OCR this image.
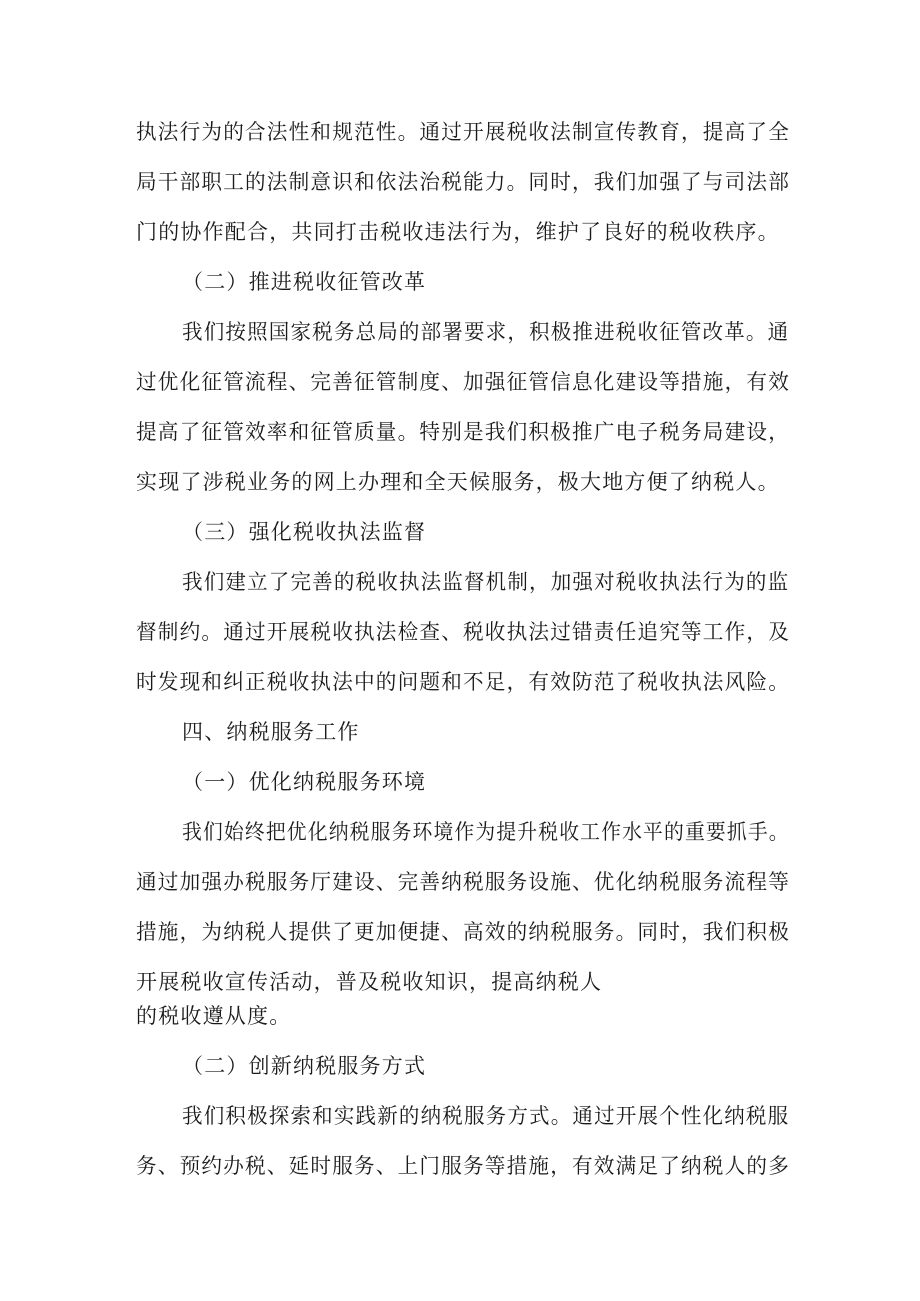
执法行为的合法性和规范性。通过开展税收法制宣传教育，提高了全
局干部职工的法制意识和依法治税能力。同时，我们加强了与司法部
门的协作配合，共同打击税收违法行为，维护了良好的税收秩序。
（二）推进税收征管改革
我们按照国家税务总局的部署要求，积极推进税收征管改革。通
过优化征管流程、完善征管制度、加强征管信息化建设等措施，有效
提高了征管效率和征管质量。特别是我们积极推广电子税务局建设，
实现了涉税业务的网上办理和全天候服务，极大地方便了纳税人。
（三）强化税收执法监督
我们建立了完善的税收执法监督机制，加强对税收执法行为的监
督制约。通过开展税收执法检查、税收执法过错责任追究等工作，及
时发现和纠正税收执法中的问题和不足，有效防范了税收执法风险。
四、纳税服务工作
（一）优化纳税服务环境
我们始终把优化纳税服务环境作为提升税收工作水平的重要抓手。
通过加强办税服务厅建设、完善纳税服务设施、优化纳税服务流程等
措施，为纳税人提供了更加便捷、高效的纳税服务。同时，我们积极
开展税收宣传活动，普及税收知识，提高纳税人
的税收遵从度。
（二）创新纳税服务方式
我们积极探索和实践新的纳税服务方式。通过开展个性化纳税服
务、预约办税、延时服务、上门服务等措施，有效满足了纳税人的多
